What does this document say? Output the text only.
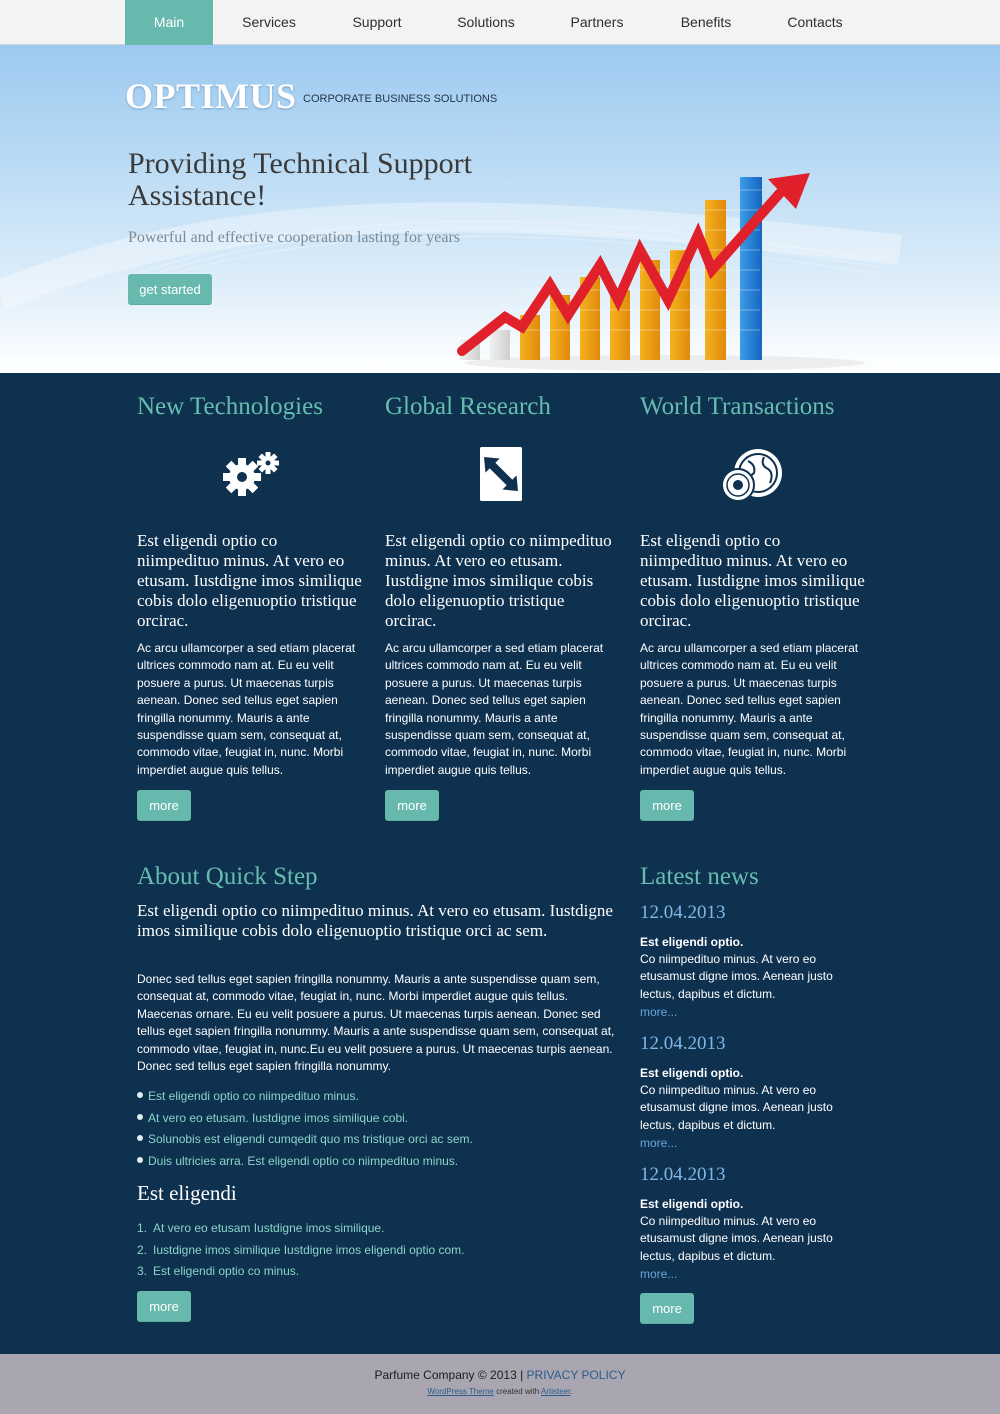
Main	Services	Support	Solutions	Partners	Benefits	Contacts
OPTIMUS CORPORATE BUSINESS SOLUTIONS
Providing Technical Support Assistance!
Powerful and effective cooperation lasting for years
get started
New Technologies Global Research	World Transactions
Est eligendi optio co niimpedituo minus. At vero eo etusam. Iustdigne imos similique cobis dolo eligenuoptio tristique orcirac.
Est eligendi optio co niimpedituo minus. At vero eo etusam. Iustdigne imos similique cobis dolo eligenuoptio tristique orcirac.
Est eligendi optio co niimpedituo minus. At vero eo etusam. Iustdigne imos similique cobis dolo eligenuoptio tristique orcirac.
Ac arcu ullamcorper a sed etiam placerat ultrices commodo nam at. Eu eu velit posuere a purus. Ut maecenas turpis aenean. Donec sed tellus eget sapien fringilla nonummy. Mauris a ante suspendisse quam sem, consequat at, commodo vitae, feugiat in, nunc. Morbi imperdiet augue quis tellus.
Ac arcu ullamcorper a sed etiam placerat ultrices commodo nam at. Eu eu velit posuere a purus. Ut maecenas turpis aenean. Donec sed tellus eget sapien fringilla nonummy. Mauris a ante suspendisse quam sem, consequat at, commodo vitae, feugiat in, nunc. Morbi imperdiet augue quis tellus.
Ac arcu ullamcorper a sed etiam placerat ultrices commodo nam at. Eu eu velit posuere a purus. Ut maecenas turpis aenean. Donec sed tellus eget sapien fringilla nonummy. Mauris a ante suspendisse quam sem, consequat at, commodo vitae, feugiat in, nunc. Morbi imperdiet augue quis tellus.
more	more	more
About Quick Step
Est eligendi optio co niimpedituo minus. At vero eo etusam. Iustdigne imos similique cobis dolo eligenuoptio tristique orci ac sem.
Donec sed tellus eget sapien fringilla nonummy. Mauris a ante suspendisse quam sem, consequat at, commodo vitae, feugiat in, nunc. Morbi imperdiet augue quis tellus. Maecenas ornare. Eu eu velit posuere a purus. Ut maecenas turpis aenean. Donec sed tellus eget sapien fringilla nonummy. Mauris a ante suspendisse quam sem, consequat at, commodo vitae, feugiat in, nunc.Eu eu velit posuere a purus. Ut maecenas turpis aenean. Donec sed tellus eget sapien fringilla nonummy.
Est eligendi optio co niimpedituo minus.
At vero eo etusam. Iustdigne imos similique cobi.
Solunobis est eligendi cumqedit quo ms tristique orci ac sem.
Duis ultricies arra. Est eligendi optio co niimpedituo minus.
Est eligendi
1. At vero eo etusam Iustdigne imos similique.
2. Iustdigne imos similique Iustdigne imos eligendi optio com.
3. Est eligendi optio co minus.
more
Latest news
12.04.2013
Est eligendi optio.
Co niimpedituo minus. At vero eo etusamust digne imos. Aenean justo lectus, dapibus et dictum.
more...
12.04.2013
Est eligendi optio.
Co niimpedituo minus. At vero eo etusamust digne imos. Aenean justo lectus, dapibus et dictum.
more...
12.04.2013
Est eligendi optio.
Co niimpedituo minus. At vero eo etusamust digne imos. Aenean justo lectus, dapibus et dictum.
more...
more
Parfume Company © 2013 | PRIVACY POLICY
WordPress Theme created with Artisteer.
